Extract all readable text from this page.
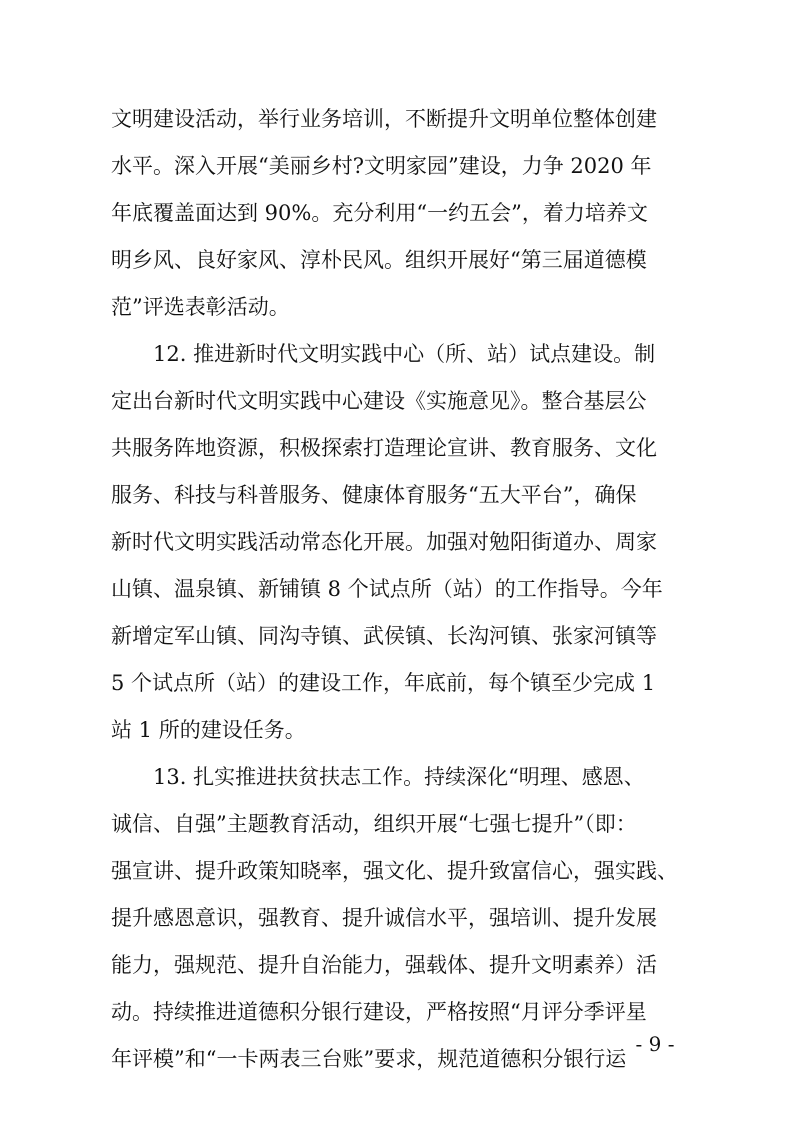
文明建设活动，举行业务培训，不断提升文明单位整体创建
水平。深入开展“美丽乡村?文明家园”建设，力争 2020 年
年底覆盖面达到 90%。充分利用“一约五会”，着力培养文
明乡风、良好家风、淳朴民风。组织开展好“第三届道德模
范”评选表彰活动。
　　12. 推进新时代文明实践中心（所、站）试点建设。制
定出台新时代文明实践中心建设《实施意见》。整合基层公
共服务阵地资源，积极探索打造理论宣讲、教育服务、文化
服务、科技与科普服务、健康体育服务“五大平台”，确保
新时代文明实践活动常态化开展。加强对勉阳街道办、周家
山镇、温泉镇、新铺镇 8 个试点所（站）的工作指导。今年
新增定军山镇、同沟寺镇、武侯镇、长沟河镇、张家河镇等
5 个试点所（站）的建设工作，年底前，每个镇至少完成 1
站 1 所的建设任务。
　　13. 扎实推进扶贫扶志工作。持续深化“明理、感恩、
诚信、自强”主题教育活动，组织开展“七强七提升”（即：
强宣讲、提升政策知晓率，强文化、提升致富信心，强实践、
提升感恩意识，强教育、提升诚信水平，强培训、提升发展
能力，强规范、提升自治能力，强载体、提升文明素养）活
动。持续推进道德积分银行建设，严格按照“月评分季评星
年评模”和“一卡两表三台账”要求，规范道德积分银行运
- 9 -
